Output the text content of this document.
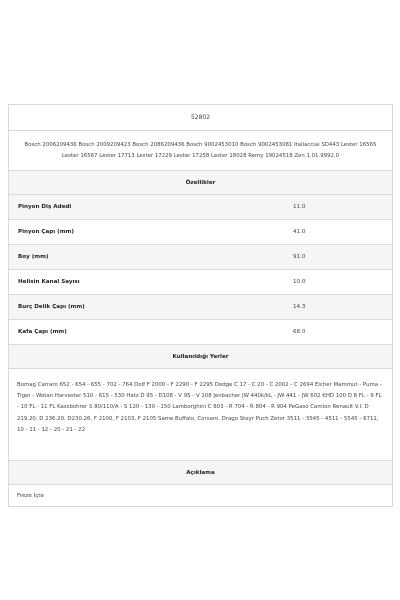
52802
Bosch 2006209436 Bosch 2009209423 Bosch 2086209436 Bosch 9002453010 Bosch 9002453081 Italiacciai SD443 Lester 16565 Lester 16567 Lester 17713 Lester 17229 Lester 17258 Lester 18028 Remy 19024518 Zen 1.01.9992.0
Özellikler
Pinyon Diş Adedi	11.0
Pinyon Çapı (mm)	41.0
Boy (mm)	91.0
Helisin Kanal Sayısı	10.0
Burç Delik Çapı (mm)	14.3
Kafa Çapı (mm)	68.0
Kullanıldığı Yerler
Bomag Carraro 652 - 654 - 655 - 702 - 764 Dolf F 2000 - F 2290 - F 2295 Dodge C 17 - C 20 - C 2002 - C 2694 Eicher Mammut - Puma - Tiger - Wotan Harvester 510 - 615 - 530 Hatz D 95 - D108 - V 95 - V 108 Jenbacher JW 440k/kL - JW 441 - JW 602 KHD 100 D 8 FL - 9 FL - 10 FL - 11 FL Kassbohrer S 80/110/A - S 120 - 130 - 150 Lamborghini C 803 - R 704 - R 804 - R 904 PeGaso Camion Renault V.I. D 219.20, D 236.20, D230.26, F 2100, F 2103, F 2105 Same Buffalo, Corsaro, Drago Steyr Puch Zetor 3511 - 3545 - 4511 - 5545 - 6711, 10 - 11 - 12 - 20 - 21 - 22
Açıklama
Freze İçte
